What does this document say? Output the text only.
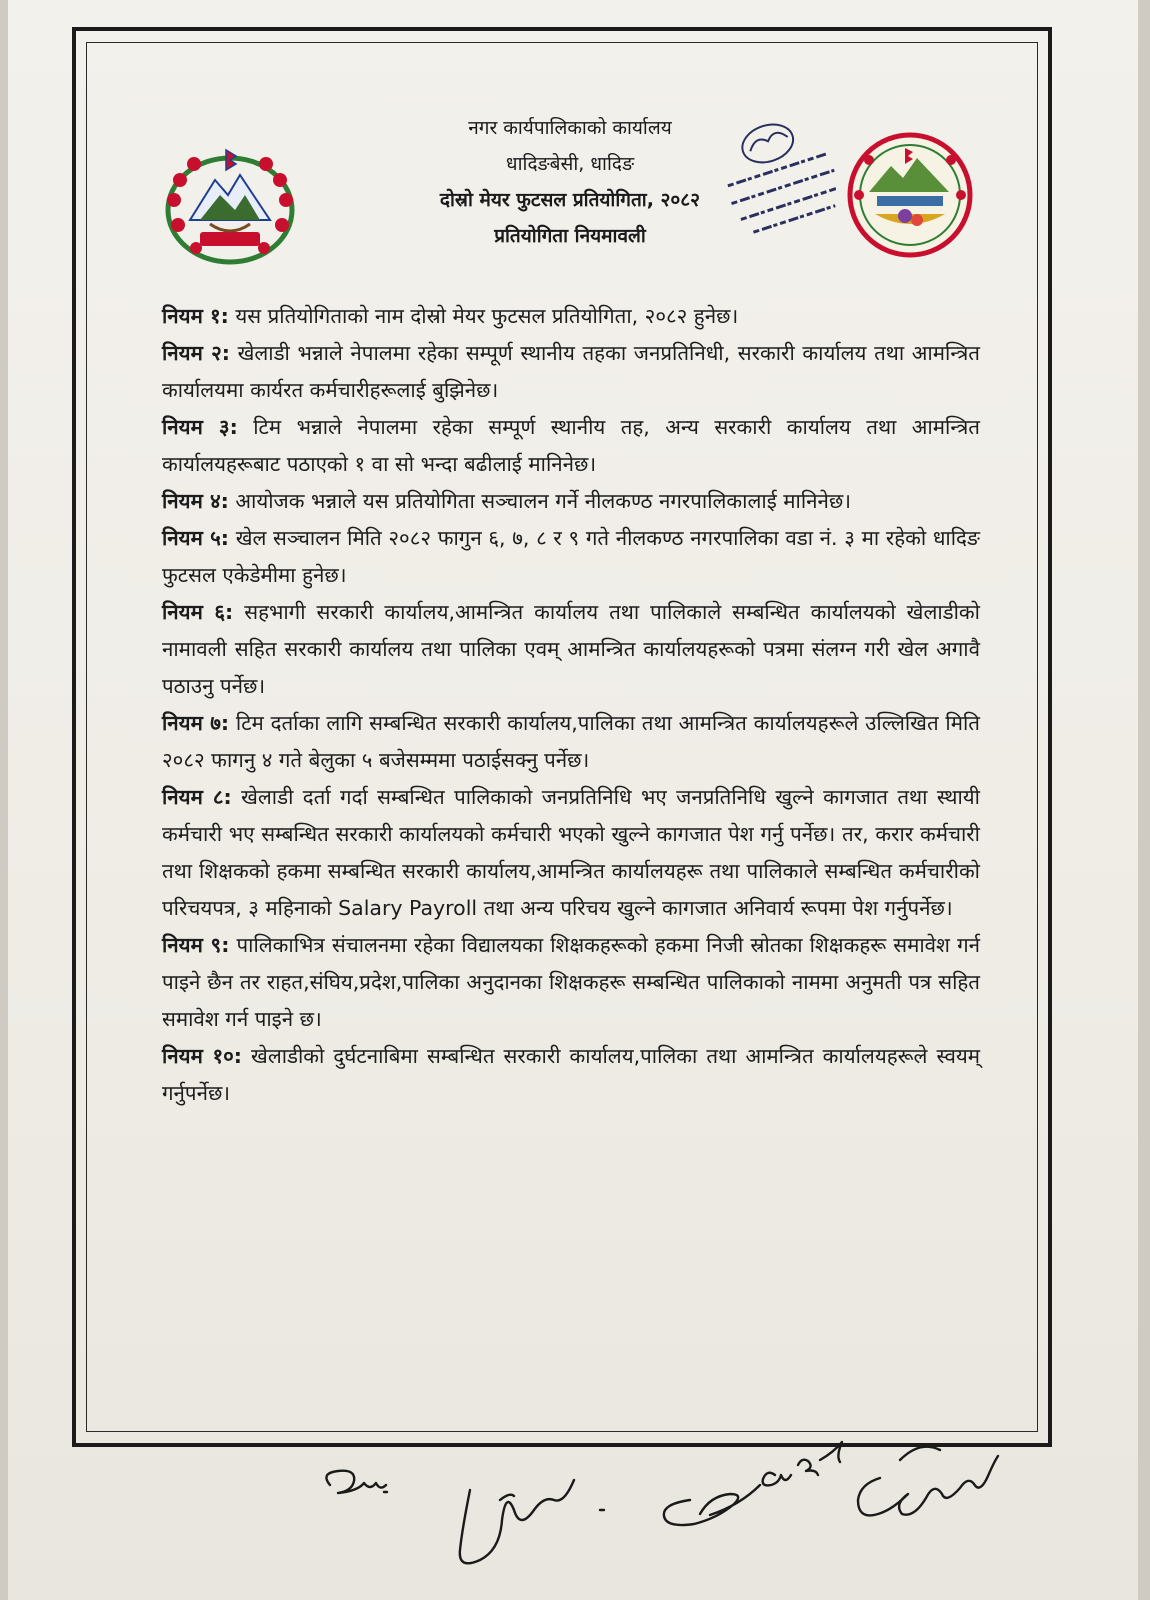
नगर कार्यपालिकाको कार्यालय
धादिङबेसी, धादिङ
दोस्रो मेयर फुटसल प्रतियोगिता, २०८२
प्रतियोगिता नियमावली

नियम १: यस प्रतियोगिताको नाम दोस्रो मेयर फुटसल प्रतियोगिता, २०८२ हुनेछ।

नियम २: खेलाडी भन्नाले नेपालमा रहेका सम्पूर्ण स्थानीय तहका जनप्रतिनिधी, सरकारी कार्यालय तथा आमन्त्रित कार्यालयमा कार्यरत कर्मचारीहरूलाई बुझिनेछ।

नियम ३: टिम भन्नाले नेपालमा रहेका सम्पूर्ण स्थानीय तह, अन्य सरकारी कार्यालय तथा आमन्त्रित कार्यालयहरूबाट पठाएको १ वा सो भन्दा बढीलाई मानिनेछ।

नियम ४: आयोजक भन्नाले यस प्रतियोगिता सञ्चालन गर्ने नीलकण्ठ नगरपालिकालाई मानिनेछ।

नियम ५: खेल सञ्चालन मिति २०८२ फागुन ६, ७, ८ र ९ गते नीलकण्ठ नगरपालिका वडा नं. ३ मा रहेको धादिङ फुटसल एकेडेमीमा हुनेछ।

नियम ६: सहभागी सरकारी कार्यालय,आमन्त्रित कार्यालय तथा पालिकाले सम्बन्धित कार्यालयको खेलाडीको नामावली सहित सरकारी कार्यालय तथा पालिका एवम् आमन्त्रित कार्यालयहरूको पत्रमा संलग्न गरी खेल अगावै पठाउनु पर्नेछ।

नियम ७: टिम दर्ताका लागि सम्बन्धित सरकारी कार्यालय,पालिका तथा आमन्त्रित कार्यालयहरूले उल्लिखित मिति २०८२ फागनु ४ गते बेलुका ५ बजेसम्ममा पठाईसक्नु पर्नेछ।

नियम ८: खेलाडी दर्ता गर्दा सम्बन्धित पालिकाको जनप्रतिनिधि भए जनप्रतिनिधि खुल्ने कागजात तथा स्थायी कर्मचारी भए सम्बन्धित सरकारी कार्यालयको कर्मचारी भएको खुल्ने कागजात पेश गर्नु पर्नेछ। तर, करार कर्मचारी तथा शिक्षकको हकमा सम्बन्धित सरकारी कार्यालय,आमन्त्रित कार्यालयहरू तथा पालिकाले सम्बन्धित कर्मचारीको परिचयपत्र, ३ महिनाको Salary Payroll तथा अन्य परिचय खुल्ने कागजात अनिवार्य रूपमा पेश गर्नुपर्नेछ।

नियम ९: पालिकाभित्र संचालनमा रहेका विद्यालयका शिक्षकहरूको हकमा निजी स्रोतका शिक्षकहरू समावेश गर्न पाइने छैन तर राहत,संघिय,प्रदेश,पालिका अनुदानका शिक्षकहरू सम्बन्धित पालिकाको नाममा अनुमती पत्र सहित समावेश गर्न पाइने छ।

नियम १०: खेलाडीको दुर्घटनाबिमा सम्बन्धित सरकारी कार्यालय,पालिका तथा आमन्त्रित कार्यालयहरूले स्वयम् गर्नुपर्नेछ।
